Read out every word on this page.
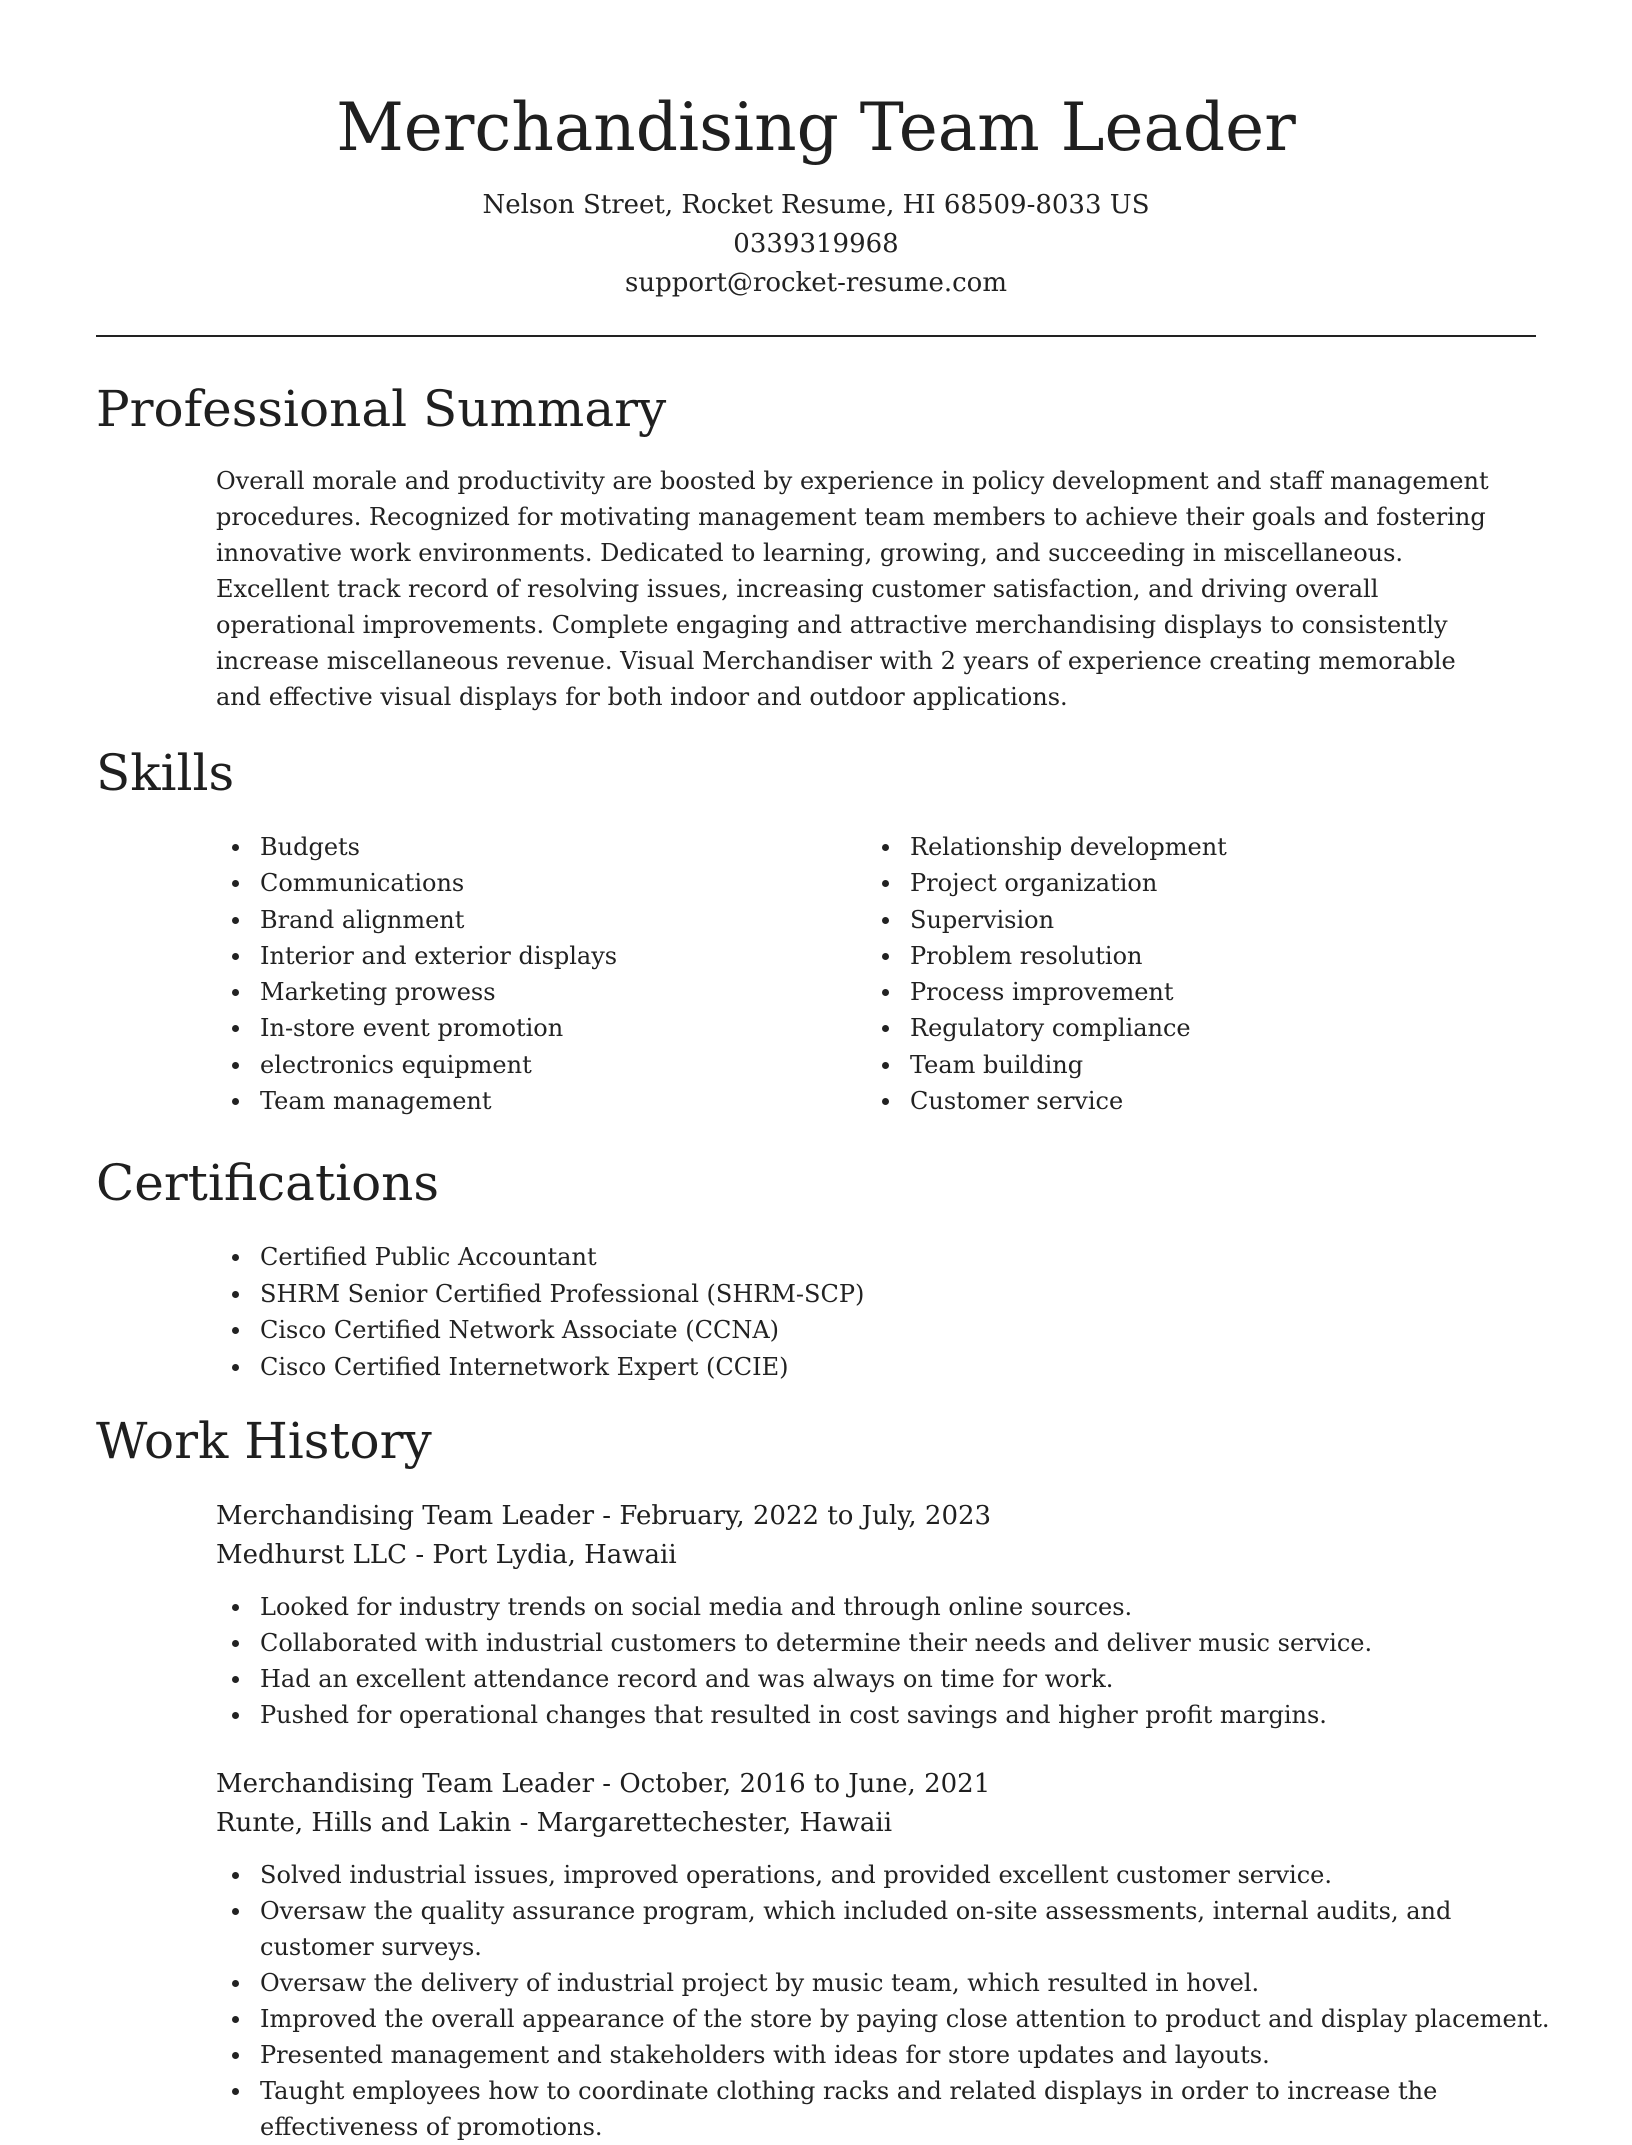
Merchandising Team Leader
Nelson Street, Rocket Resume, HI 68509-8033 US
0339319968
support@rocket-resume.com
Professional Summary

Overall morale and productivity are boosted by experience in policy development and staff management procedures. Recognized for motivating management team members to achieve their goals and fostering innovative work environments. Dedicated to learning, growing, and succeeding in miscellaneous. Excellent track record of resolving issues, increasing customer satisfaction, and driving overall operational improvements. Complete engaging and attractive merchandising displays to consistently increase miscellaneous revenue. Visual Merchandiser with 2 years of experience creating memorable and effective visual displays for both indoor and outdoor applications.

Skills
Budgets
Communications
Brand alignment
Interior and exterior displays
Marketing prowess
In-store event promotion
electronics equipment
Team management
Relationship development
Project organization
Supervision
Problem resolution
Process improvement
Regulatory compliance
Team building
Customer service
Certifications
Certified Public Accountant
SHRM Senior Certified Professional (SHRM-SCP)
Cisco Certified Network Associate (CCNA)
Cisco Certified Internetwork Expert (CCIE)
Work History
Merchandising Team Leader - February, 2022 to July, 2023
Medhurst LLC - Port Lydia, Hawaii
Looked for industry trends on social media and through online sources.
Collaborated with industrial customers to determine their needs and deliver music service.
Had an excellent attendance record and was always on time for work.
Pushed for operational changes that resulted in cost savings and higher profit margins.
Merchandising Team Leader - October, 2016 to June, 2021
Runte, Hills and Lakin - Margarettechester, Hawaii
Solved industrial issues, improved operations, and provided excellent customer service.
Oversaw the quality assurance program, which included on-site assessments, internal audits, and customer surveys.
Oversaw the delivery of industrial project by music team, which resulted in hovel.
Improved the overall appearance of the store by paying close attention to product and display placement.
Presented management and stakeholders with ideas for store updates and layouts.
Taught employees how to coordinate clothing racks and related displays in order to increase the effectiveness of promotions.
